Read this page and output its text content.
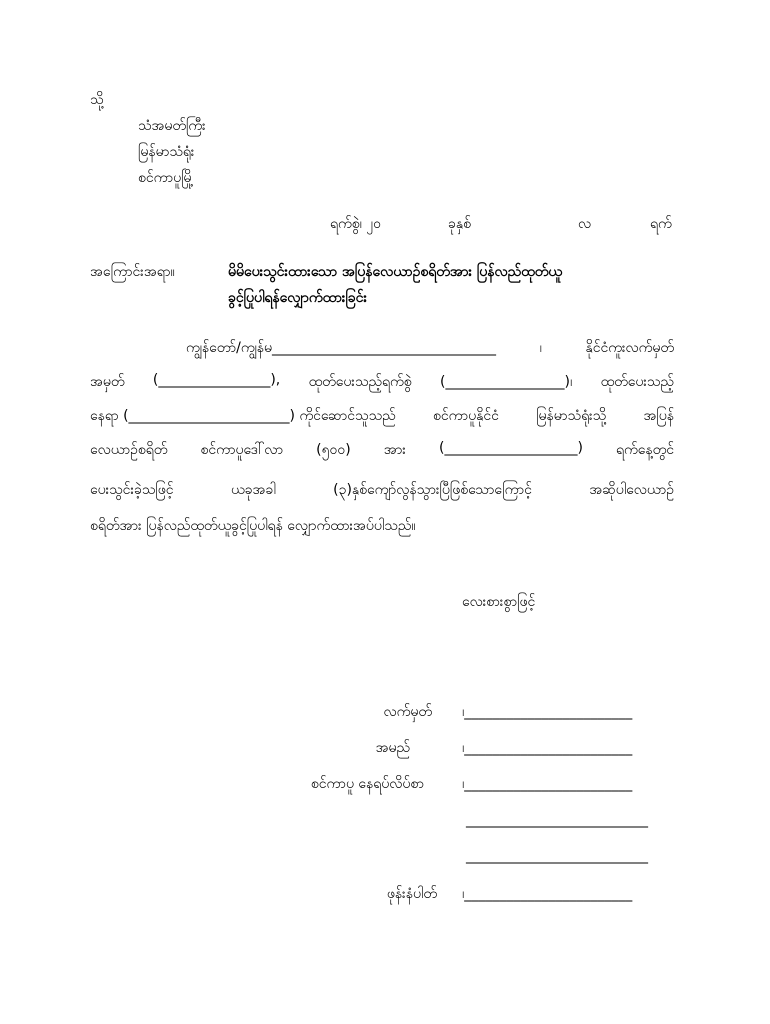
သို့
သံအမတ်ကြီး
မြန်မာသံရုံး
စင်ကာပူမြို့
ရက်စွဲ၊ ၂၀	ခုနှစ်	လ	ရက်
အကြောင်းအရာ။	မိမိပေးသွင်းထားသော အပြန်လေယာဉ်စရိတ်အား ပြန်လည်ထုတ်ယူ
ခွင့်ပြုပါရန်လျှောက်ထားခြင်း
ကျွန်တော်/ကျွန်မ________________________________	၊	နိုင်ငံကူးလက်မှတ်
အမှတ် (________________), ထုတ်ပေးသည့်ရက်စွဲ (_________________)၊ ထုတ်ပေးသည့်
နေရာ (_______________________) ကိုင်ဆောင်သူသည်	စင်ကာပူနိုင်ငံ	မြန်မာသံရုံးသို့	အပြန်
လေယာဉ်စရိတ် စင်ကာပူဒေါ်လာ (၅၀၀) အား (___________________) ရက်နေ့တွင်
ပေးသွင်းခဲ့သဖြင့်	ယခုအခါ	(၃)နှစ်ကျော်လွန်သွားပြီဖြစ်သောကြောင့်	အဆိုပါလေယာဉ်
စရိတ်အား ပြန်လည်ထုတ်ယူခွင့်ပြုပါရန် လျှောက်ထားအပ်ပါသည်။
လေးစားစွာဖြင့်
လက်မှတ် ၊________________________
အမည်	၊________________________
စင်ကာပူ နေရပ်လိပ်စာ	၊________________________
__________________________
__________________________
ဖုန်းနံပါတ် ၊________________________
